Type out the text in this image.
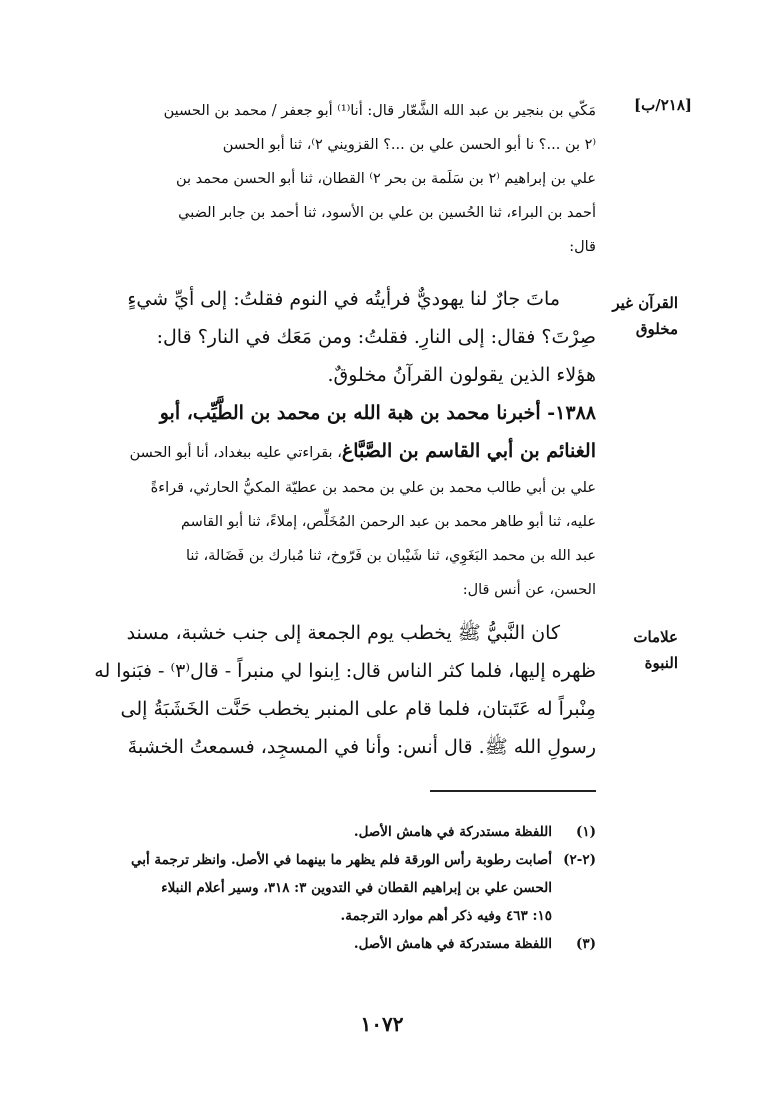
[٢١٨/ب]
القرآن غير
مخلوق
علامات النبوة
مَكّي بن بنجير بن عبد الله الشَّعّار قال: أنا⁽¹⁾ أبو جعفر / محمد بن الحسين
⁽٢ بن ...؟ نا أبو الحسن علي بن ...؟ القزويني ٢⁾، ثنا أبو الحسن
علي بن إبراهيم ⁽٢ بن سَلَمة بن بحر ٢⁾ القطان، ثنا أبو الحسن محمد بن
أحمد بن البراء، ثنا الحُسين بن علي بن الأسود، ثنا أحمد بن جابر الضبي
قال:
ماتَ جارٌ لنا يهوديٌّ فرأيتُه في النوم فقلتُ: إلى أيِّ شيءٍ
صِرْتَ؟ فقال: إلى النارِ. فقلتُ: ومن مَعَك في النار؟ قال:
هؤلاء الذين يقولون القرآنُ مخلوقٌ.
١٣٨٨- أخبرنا محمد بن هبة الله بن محمد بن الطَّيِّب، أبو
الغنائم بن أبي القاسم بن الصَّبَّاغ، بقراءتي عليه ببغداد، أنا أبو الحسن
علي بن أبي طالب محمد بن علي بن محمد بن عطيّة المكيُّ الحارثي، قراءةً
عليه، ثنا أبو طاهر محمد بن عبد الرحمن المُخَلِّص، إملاءً، ثنا أبو القاسم
عبد الله بن محمد البَغَوِي، ثنا شَيْبان بن فَرّوخ، ثنا مُبارك بن فَضَالة، ثنا
الحسن، عن أنس قال:
كان النَّبيُّ ﷺ يخطب يوم الجمعة إلى جنب خشبة، مسند
ظهره إليها، فلما كثر الناس قال: اِبنوا لي منبراً - قال⁽٣⁾ - فبَنوا له
مِنْبراً له عَتَبتان، فلما قام على المنبر يخطب حَنَّت الخَشَبَةُ إلى
رسولِ الله ﷺ. قال أنس: وأنا في المسجِد، فسمعتُ الخشبةَ
(١)
اللفظة مستدركة في هامش الأصل.
(٢-٢)
أصابت رطوبة رأس الورقة فلم يظهر ما بينهما في الأصل. وانظر ترجمة أبي
الحسن علي بن إبراهيم القطان في التدوين ٣: ٣١٨، وسير أعلام النبلاء
١٥: ٤٦٣ وفيه ذكر أهم موارد الترجمة.
(٣)
اللفظة مستدركة في هامش الأصل.
١٠٧٢
